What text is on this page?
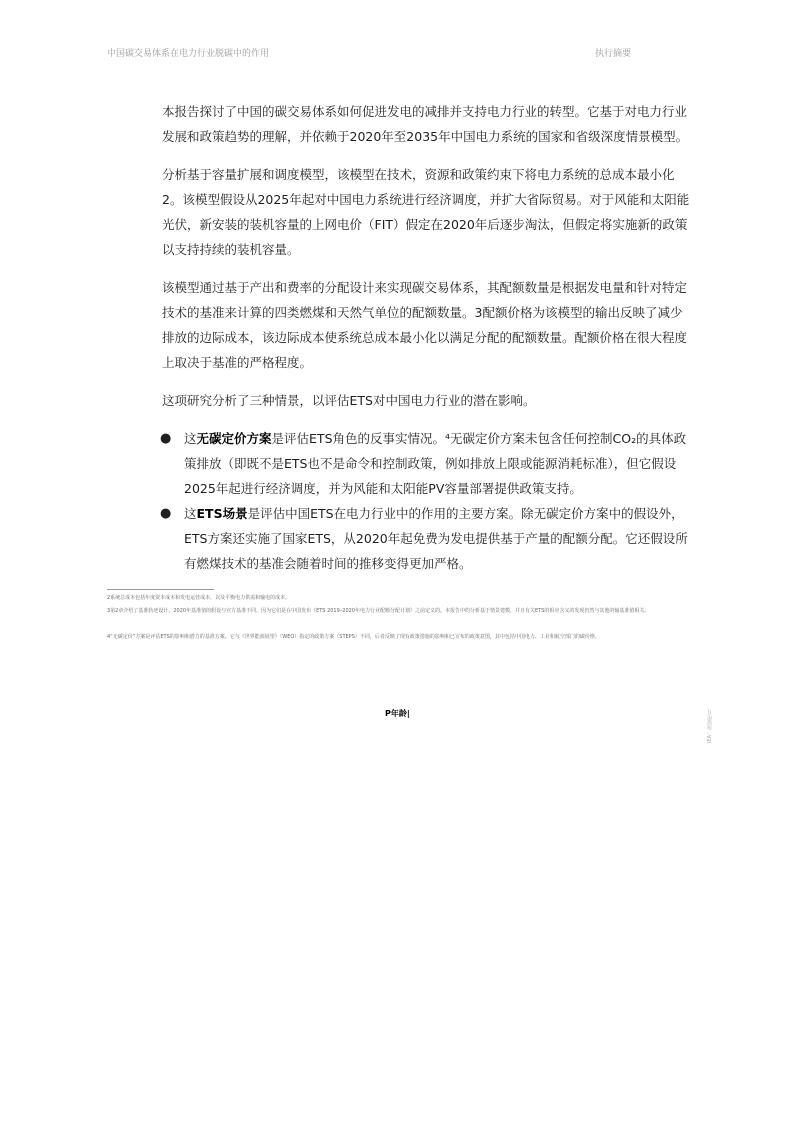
中国碳交易体系在电力行业脱碳中的作用	执行摘要

本报告探讨了中国的碳交易体系如何促进发电的减排并支持电力行业的转型。它基于对电力行业发展和政策趋势的理解，并依赖于2020年至2035年中国电力系统的国家和省级深度情景模型。

分析基于容量扩展和调度模型，该模型在技术，资源和政策约束下将电力系统的总成本最小化2。该模型假设从2025年起对中国电力系统进行经济调度，并扩大省际贸易。对于风能和太阳能光伏，新安装的装机容量的上网电价（FIT）假定在2020年后逐步淘汰，但假定将实施新的政策以支持持续的装机容量。

该模型通过基于产出和费率的分配设计来实现碳交易体系，其配额数量是根据发电量和针对特定技术的基准来计算的四类燃煤和天然气单位的配额数量。3配额价格为该模型的输出反映了减少排放的边际成本，该边际成本使系统总成本最小化以满足分配的配额数量。配额价格在很大程度上取决于基准的严格程度。

这项研究分析了三种情景，以评估ETS对中国电力行业的潜在影响。

● 这无碳定价方案是评估ETS角色的反事实情况。⁴无碳定价方案未包含任何控制CO₂的具体政策排放（即既不是ETS也不是命令和控制政策，例如排放上限或能源消耗标准），但它假设2025年起进行经济调度，并为风能和太阳能PV容量部署提供政策支持。
● 这ETS场景是评估中国ETS在电力行业中的作用的主要方案。除无碳定价方案中的假设外，ETS方案还实施了国家ETS，从2020年起免费为发电提供基于产量的配额分配。它还假设所有燃煤技术的基准会随着时间的推移变得更加严格。
2系统总成本包括年度资本成本和发电运营成本，以及平衡电力供需和输电的成本。
3第2章介绍了基准轨迹设计。2020年基准值的假设与官方基准不同，因为它们是在中国发布《ETS 2019–2020年电力行业配额分配计划》之前定义的。本报告中的分析基于情景建模，并且有关ETS的相应含义的发现仍然与其他的输基准值相关。
4“无碳定价”方案是评估ETS的影响和潜力的基准方案。它与《世界能源展望》（WEO）指定的政策方案（STEPS）不同，后者反映了现有政策措施的影响和已宣布的政策意图，其中包括中国电力、工业和航空部门的碳价格。
P年龄|	IEA。保留所有。
